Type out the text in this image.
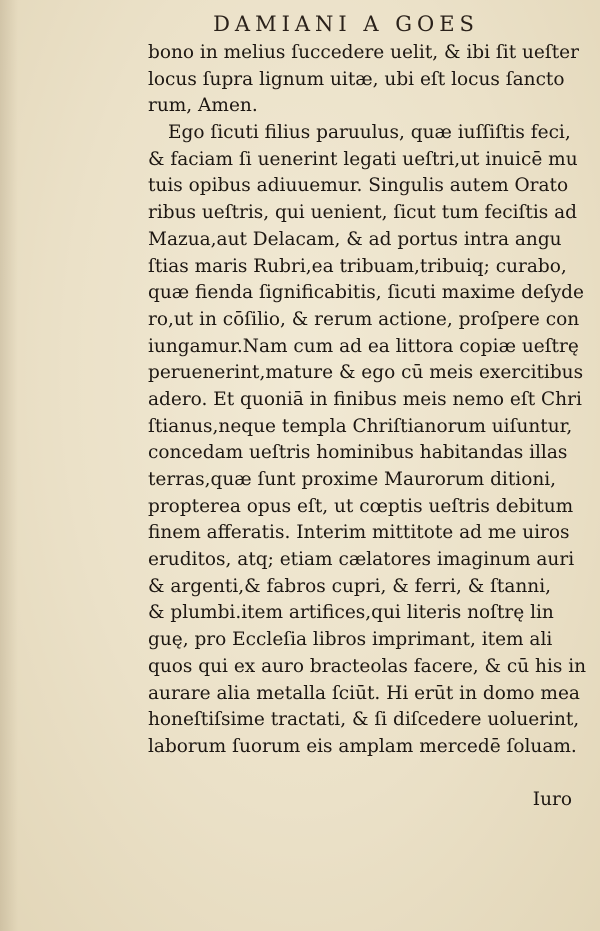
DAMIANI A GOES
bono in melius ſuccedere uelit, & ibi ſit ueſter
locus ſupra lignum uitæ, ubi eſt locus ſancto
rum, Amen.
Ego ſicuti filius paruulus, quæ iuſſiſtis feci,
& faciam ſi uenerint legati ueſtri,ut inuicē mu
tuis opibus adiuuemur. Singulis autem Orato
ribus ueſtris, qui uenient, ſicut tum feciſtis ad
Mazua,aut Delacam, & ad portus intra angu
ſtias maris Rubri,ea tribuam,tribuiq; curabo,
quæ fienda ſignificabitis, ſicuti maxime deſyde
ro,ut in cōſilio, & rerum actione, proſpere con
iungamur.Nam cum ad ea littora copiæ ueſtrę
peruenerint,mature & ego cū meis exercitibus
adero. Et quoniā in finibus meis nemo eſt Chri
ſtianus,neque templa Chriſtianorum uiſuntur,
concedam ueſtris hominibus habitandas illas
terras,quæ ſunt proxime Maurorum ditioni,
propterea opus eſt, ut cœptis ueſtris debitum
finem afferatis. Interim mittitote ad me uiros
eruditos, atq; etiam cælatores imaginum auri
& argenti,& fabros cupri, & ferri, & ſtanni,
& plumbi.item artifices,qui literis noſtrę lin
guę, pro Eccleſia libros imprimant, item ali
quos qui ex auro bracteolas facere, & cū his in
aurare alia metalla ſciūt. Hi erūt in domo mea
honeſtiſsime tractati, & ſi diſcedere uoluerint,
laborum ſuorum eis amplam mercedē ſoluam.
Iuro
